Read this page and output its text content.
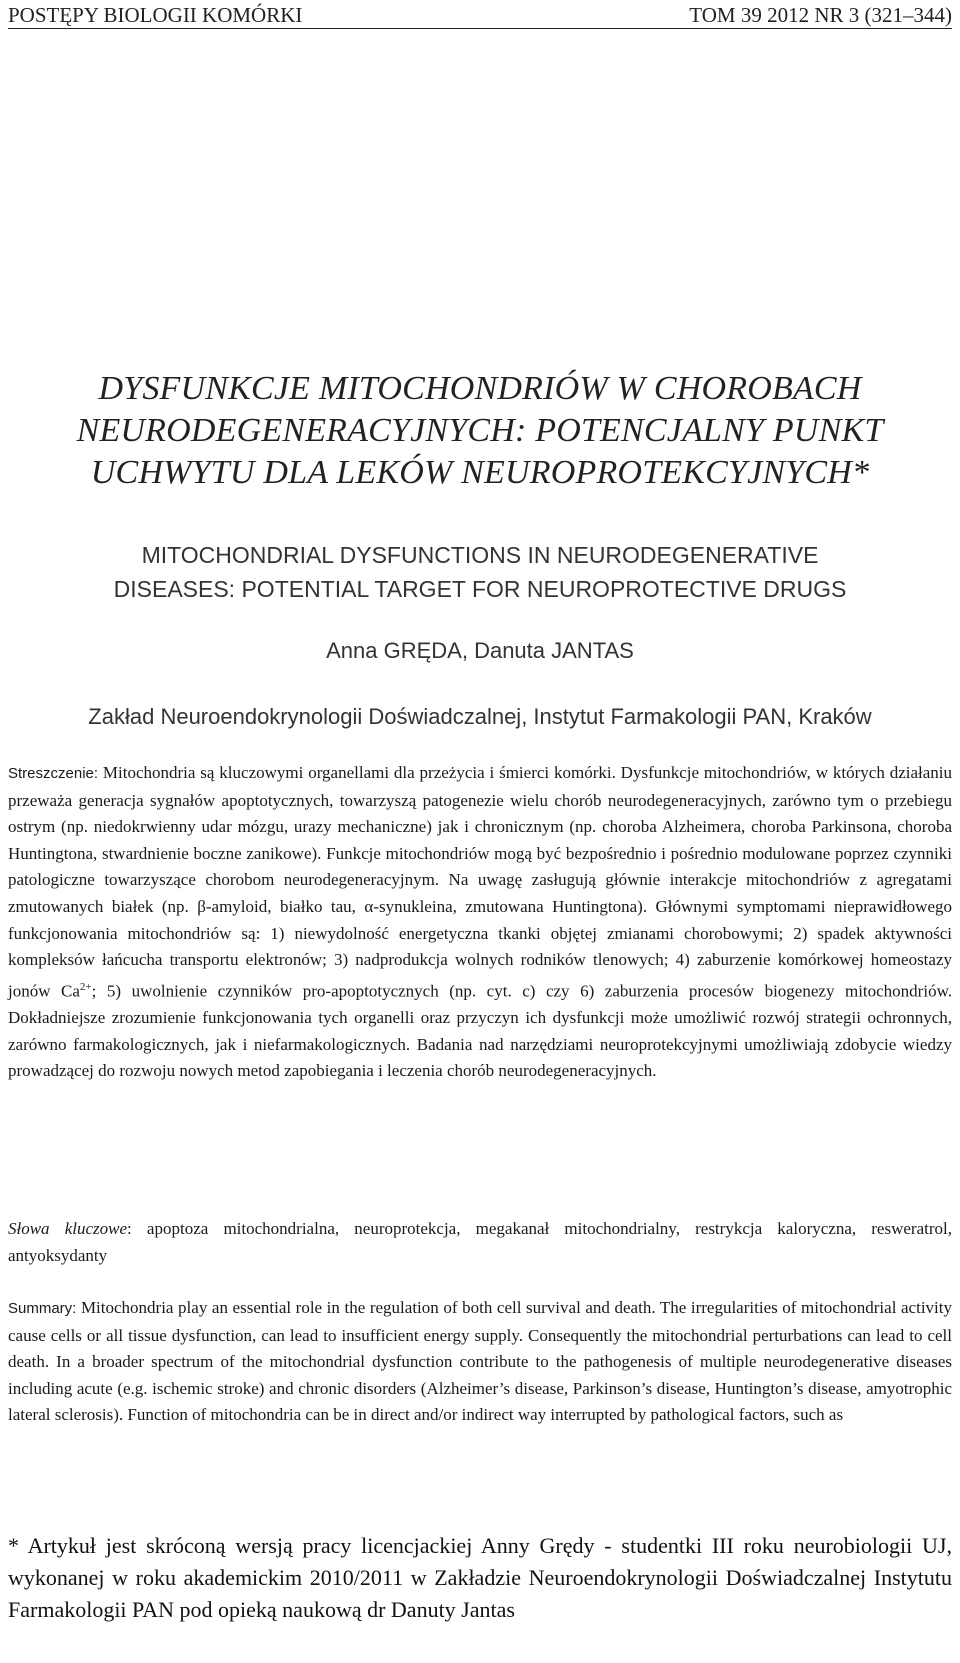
POSTĘPY BIOLOGII KOMÓRKI	TOM 39 2012 NR 3 (321–344)
DYSFUNKCJE MITOCHONDRIÓW W CHOROBACH
NEURODEGENERACYJNYCH: POTENCJALNY PUNKT
UCHWYTU DLA LEKÓW NEUROPROTEKCYJNYCH*
MITOCHONDRIAL DYSFUNCTIONS IN NEURODEGENERATIVE
DISEASES: POTENTIAL TARGET FOR NEUROPROTECTIVE DRUGS
Anna GRĘDA, Danuta JANTAS
Zakład Neuroendokrynologii Doświadczalnej, Instytut Farmakologii PAN, Kraków
Streszczenie: Mitochondria są kluczowymi organellami dla przeżycia i śmierci komórki. Dysfunkcje mitochondriów, w których działaniu przeważa generacja sygnałów apoptotycznych, towarzyszą patogenezie wielu chorób neurodegeneracyjnych, zarówno tym o przebiegu ostrym (np. niedokrwienny udar mózgu, urazy mechaniczne) jak i chronicznym (np. choroba Alzheimera, choroba Parkinsona, choroba Huntingtona, stwardnienie boczne zanikowe). Funkcje mitochondriów mogą być bezpośrednio i pośrednio modulowane poprzez czynniki patologiczne towarzyszące chorobom neurodegeneracyjnym. Na uwagę zasługują głównie interakcje mitochondriów z agregatami zmutowanych białek (np. β-amyloid, białko tau, α-synukleina, zmutowana Huntingtona). Głównymi symptomami nieprawidłowego funkcjonowania mitochondriów są: 1) niewydolność energetyczna tkanki objętej zmianami chorobowymi; 2) spadek aktywności kompleksów łańcucha transportu elektronów; 3) nadprodukcja wolnych rodników tlenowych; 4) zaburzenie komórkowej homeostazy jonów $Ca^{2+}$; 5) uwolnienie czynników pro-apoptotycznych (np. cyt. c) czy 6) zaburzenia procesów biogenezy mitochondriów. Dokładniejsze zrozumienie funkcjonowania tych organelli oraz przyczyn ich dysfunkcji może umożliwić rozwój strategii ochronnych, zarówno farmakologicznych, jak i niefarmakologicznych. Badania nad narzędziami neuroprotekcyjnymi umożliwiają zdobycie wiedzy prowadzącej do rozwoju nowych metod zapobiegania i leczenia chorób neurodegeneracyjnych.
Słowa kluczowe: apoptoza mitochondrialna, neuroprotekcja, megakanał mitochondrialny, restrykcja kaloryczna, resweratrol, antyoksydanty
Summary: Mitochondria play an essential role in the regulation of both cell survival and death. The irregularities of mitochondrial activity cause cells or all tissue dysfunction, can lead to insufficient energy supply. Consequently the mitochondrial perturbations can lead to cell death. In a broader spectrum of the mitochondrial dysfunction contribute to the pathogenesis of multiple neurodegenerative diseases including acute (e.g. ischemic stroke) and chronic disorders (Alzheimer’s disease, Parkinson’s disease, Huntington’s disease, amyotrophic lateral sclerosis). Function of mitochondria can be in direct and/or indirect way interrupted by pathological factors, such as
* Artykuł jest skróconą wersją pracy licencjackiej Anny Grędy - studentki III roku neurobiologii UJ, wykonanej w roku akademickim 2010/2011 w Zakładzie Neuroendokrynologii Doświadczalnej Instytutu Farmakologii PAN pod opieką naukową dr Danuty Jantas
